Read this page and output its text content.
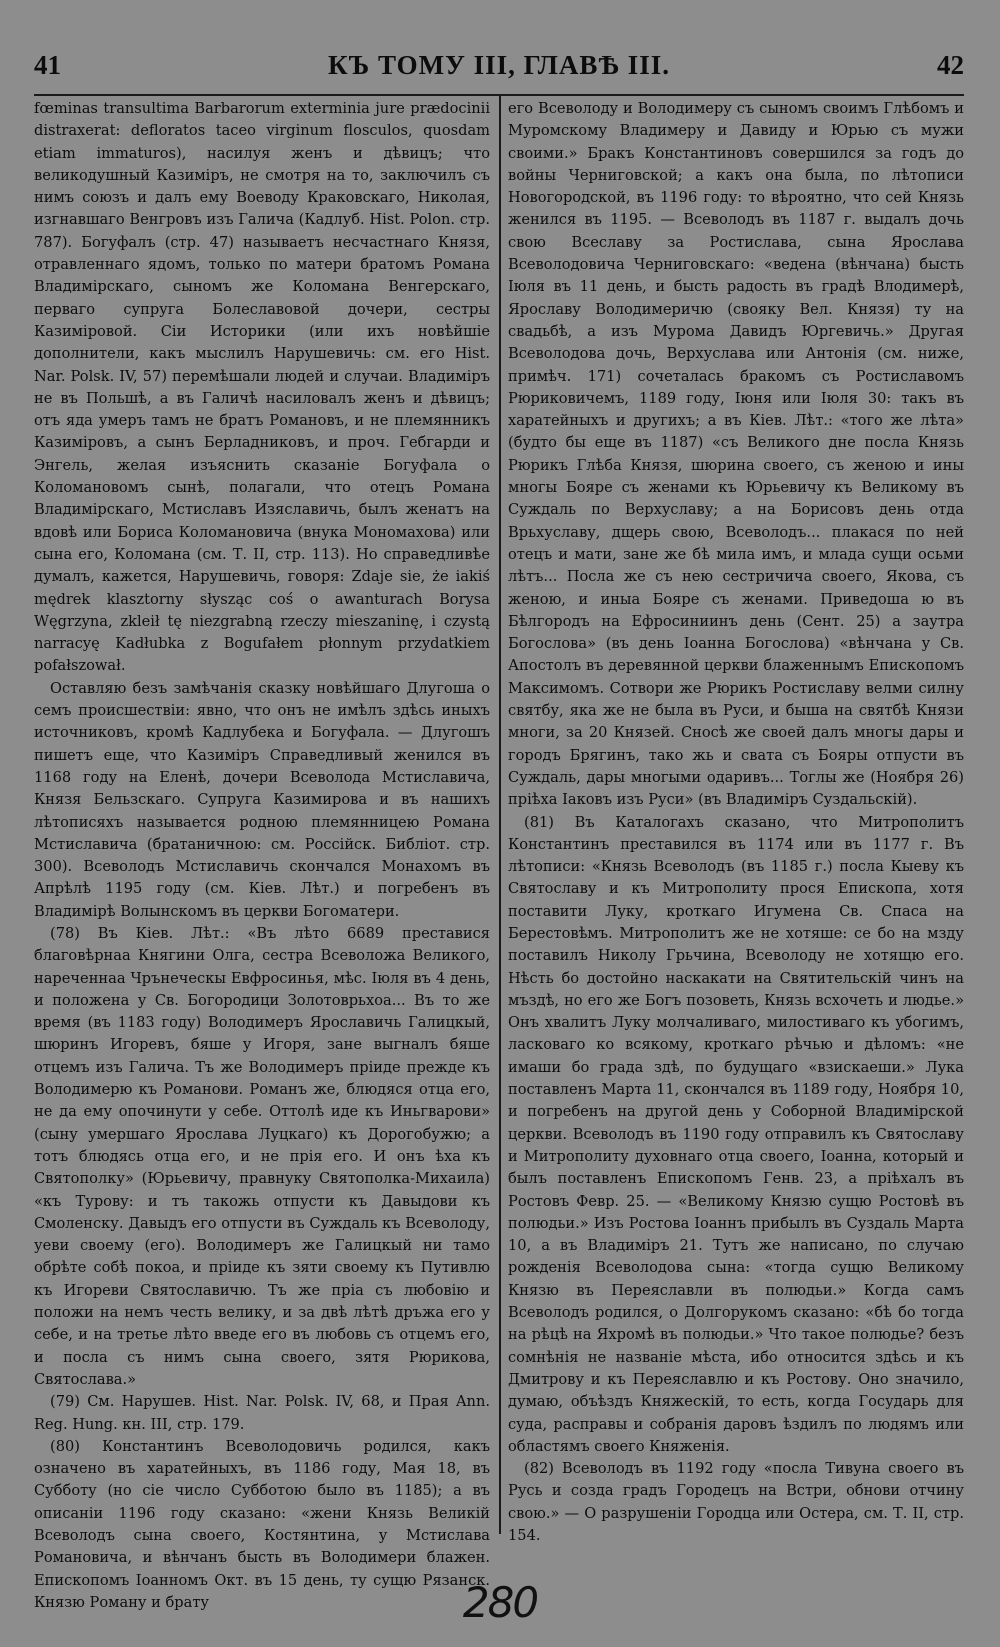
41	КЪ ТОМУ III, ГЛАВѢ III.	42

fœminas transultima Barbarorum exterminia jure prædocinii distraxerat: defloratos taceo virginum flosculos, quosdam etiam immaturos), насилуя женъ и дѣвицъ; что великодушный Казиміръ, не смотря на то, заключилъ съ нимъ союзъ и далъ ему Воеводу Краковскаго, Николая, изгнавшаго Венгровъ изъ Галича (Кадлуб. Hist. Polon. стр. 787). Богуфалъ (стр. 47) называетъ несчастнаго Князя, отравленнаго ядомъ, только по матери братомъ Романа Владимірскаго, сыномъ же Коломана Венгерскаго, перваго супруга Болеславовой дочери, сестры Казиміровой. Сіи Историки (или ихъ новѣйшіе дополнители, какъ мыслилъ Нарушевичь: см. его Hist. Nar. Polsk. IV, 57) перемѣшали людей и случаи. Владиміръ не въ Польшѣ, а въ Галичѣ насиловалъ женъ и дѣвицъ; отъ яда умеръ тамъ не братъ Романовъ, и не племянникъ Казиміровъ, а сынъ Берладниковъ, и проч. Гебгарди и Энгель, желая изъяснить сказаніе Богуфала о Коломановомъ сынѣ, полагали, что отецъ Романа Владимірскаго, Мстиславъ Изяславичь, былъ женатъ на вдовѣ или Бориса Коломановича (внука Мономахова) или сына его, Коломана (см. Т. II, стр. 113). Но справедливѣе думалъ, кажется, Нарушевичь, говоря: Zdaje sie, że iakiś mędrek klasztorny słysząc coś o awanturach Borysa Węgrzyna, zkleił tę niezgrabną rzeczy mieszaninę, i czystą narracyę Kadłubka z Bogufałem płonnym przydatkiem pofałszował.

Оставляю безъ замѣчанія сказку новѣйшаго Длугоша о семъ происшествіи: явно, что онъ не имѣлъ здѣсь иныхъ источниковъ, кромѣ Кадлубека и Богуфала. — Длугошъ пишетъ еще, что Казиміръ Справедливый женился въ 1168 году на Еленѣ, дочери Всеволода Мстиславича, Князя Бельзскаго. Супруга Казимирова и въ нашихъ лѣтописяхъ называется родною племянницею Романа Мстиславича (братаничною: см. Россійск. Библіот. стр. 300). Всеволодъ Мстиславичь скончался Монахомъ въ Апрѣлѣ 1195 году (см. Кіев. Лѣт.) и погребенъ въ Владимірѣ Волынскомъ въ церкви Богоматери.

(78) Въ Кіев. Лѣт.: «Въ лѣто 6689 преставися благовѣрнаа Княгини Олга, сестра Всеволожа Великого, нареченнаа Чрънеческы Евфросинья, мѣс. Іюля въ 4 день, и положена у Св. Богородици Золотоврьхоа... Въ то же время (въ 1183 году) Володимеръ Ярославичь Галицкый, шюринъ Игоревъ, бяше у Игоря, зане выгналъ бяше отцемъ изъ Галича. Тъ же Володимеръ пріиде прежде къ Володимерю къ Романови. Романъ же, блюдяся отца его, не да ему опочинути у себе. Оттолѣ иде къ Иньгварови» (сыну умершаго Ярослава Луцкаго) къ Дорогобужю; а тотъ блюдясь отца его, и не прія его. И онъ ѣха къ Святополку» (Юрьевичу, правнуку Святополка-Михаила) «къ Турову: и тъ такожь отпусти къ Давыдови къ Смоленску. Давыдъ его отпусти въ Суждаль къ Всеволоду, уеви своему (его). Володимеръ же Галицкый ни тамо обрѣте собѣ покоа, и пріиде къ зяти своему къ Путивлю къ Игореви Святославичю. Тъ же пріа съ любовію и положи на немъ честь велику, и за двѣ лѣтѣ дръжа его у себе, и на третье лѣто введе его въ любовь съ отцемъ его, и посла съ нимъ сына своего, зятя Рюрикова, Святослава.»

(79) См. Нарушев. Hist. Nar. Polsk. IV, 68, и Прая Ann. Reg. Hung. кн. III, стр. 179.

(80) Константинъ Всеволодовичь родился, какъ означено въ харатейныхъ, въ 1186 году, Мая 18, въ Субботу (но сіе число Субботою было въ 1185); а въ описаніи 1196 году сказано: «жени Князь Великій Всеволодъ сына своего, Костянтина, у Мстислава Романовича, и вѣнчанъ бысть въ Володимери блажен. Епископомъ Іоанномъ Окт. въ 15 день, ту сущю Рязанск. Князю Роману и брату

его Всеволоду и Володимеру съ сыномъ своимъ Глѣбомъ и Муромскому Владимеру и Давиду и Юрью съ мужи своими.» Бракъ Константиновъ совершился за годъ до войны Черниговской; а какъ она была, по лѣтописи Новогородской, въ 1196 году: то вѣроятно, что сей Князь женился въ 1195. — Всеволодъ въ 1187 г. выдалъ дочь свою Всеславу за Ростислава, сына Ярослава Всеволодовича Черниговскаго: «ведена (вѣнчана) бысть Іюля въ 11 день, и бысть радость въ градѣ Влодимерѣ, Ярославу Володимеричю (свояку Вел. Князя) ту на свадьбѣ, а изъ Мурома Давидъ Юргевичь.» Другая Всеволодова дочь, Верхуслава или Антонія (см. ниже, примѣч. 171) сочеталась бракомъ съ Ростиславомъ Рюриковичемъ, 1189 году, Іюня или Іюля 30: такъ въ харатейныхъ и другихъ; а въ Кіев. Лѣт.: «того же лѣта» (будто бы еще въ 1187) «съ Великого дне посла Князь Рюрикъ Глѣба Князя, шюрина своего, съ женою и ины многы Бояре съ женами къ Юрьевичу къ Великому въ Суждаль по Верхуславу; а на Борисовъ день отда Врьхуславу, дщерь свою, Всеволодъ... плакася по ней отецъ и мати, зане же бѣ мила имъ, и млада сущи осьми лѣтъ... Посла же съ нею сестричича своего, Якова, съ женою, и иныа Бояре съ женами. Приведоша ю въ Бѣлгородъ на Ефросиниинъ день (Сент. 25) а заутра Богослова» (въ день Іоанна Богослова) «вѣнчана у Св. Апостолъ въ деревянной церкви блаженнымъ Епископомъ Максимомъ. Сотвори же Рюрикъ Ростиславу велми силну святбу, яка же не была въ Руси, и быша на святбѣ Князи многи, за 20 Князей. Сносѣ же своей далъ многы дары и городъ Брягинъ, тако жь и свата съ Бояры отпусти въ Суждаль, дары многыми одаривъ... Тоглы же (Ноября 26) пріѣха Іаковъ изъ Руси» (въ Владиміръ Суздальскій).

(81) Въ Каталогахъ сказано, что Митрополитъ Константинъ преставился въ 1174 или въ 1177 г. Въ лѣтописи: «Князь Всеволодъ (въ 1185 г.) посла Кыеву къ Святославу и къ Митрополиту прося Епископа, хотя поставити Луку, кроткаго Игумена Св. Спаса на Берестовѣмъ. Митрополитъ же не хотяше: се бо на мзду поставилъ Николу Грьчина, Всеволоду не хотящю его. Нѣсть бо достойно наскакати на Святительскій чинъ на мъздѣ, но его же Богъ позоветь, Князь всхочеть и людье.» Онъ хвалитъ Луку молчаливаго, милостиваго къ убогимъ, ласковаго ко всякому, кроткаго рѣчью и дѣломъ: «не имаши бо града здѣ, по будущаго «взискаеши.» Лука поставленъ Марта 11, скончался въ 1189 году, Ноября 10, и погребенъ на другой день у Соборной Владимірской церкви. Всеволодъ въ 1190 году отправилъ къ Святославу и Митрополиту духовнаго отца своего, Іоанна, который и былъ поставленъ Епископомъ Генв. 23, а пріѣхалъ въ Ростовъ Февр. 25. — «Великому Князю сущю Ростовѣ въ полюдьи.» Изъ Ростова Іоаннъ прибылъ въ Суздаль Марта 10, а въ Владиміръ 21. Тутъ же написано, по случаю рожденія Всеволодова сына: «тогда сущю Великому Князю въ Переяславли въ полюдьи.» Когда самъ Всеволодъ родился, о Долгорукомъ сказано: «бѣ бо тогда на рѣцѣ на Яхромѣ въ полюдьи.» Что такое полюдье? безъ сомнѣнія не названіе мѣста, ибо относится здѣсь и къ Дмитрову и къ Переяславлю и къ Ростову. Оно значило, думаю, объѣздъ Княжескій, то есть, когда Государь для суда, расправы и собранія даровъ ѣздилъ по людямъ или областямъ своего Княженія.

(82) Всеволодъ въ 1192 году «посла Тивуна своего въ Русь и созда градъ Городецъ на Встри, обнови отчину свою.» — О разрушеніи Городца или Остера, см. Т. II, стр. 154.

280
